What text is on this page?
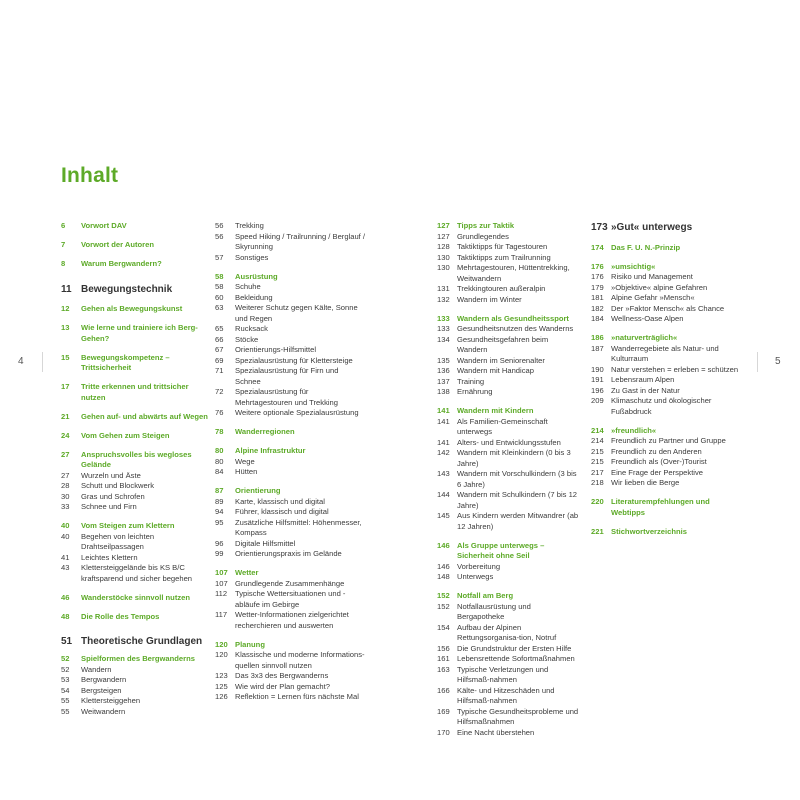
Inhalt
4	5
6	Vorwort DAV
7	Vorwort der Autoren
8	Warum Bergwandern?
11 Bewegungstechnik
12	Gehen als Bewegungskunst
13	Wie lerne und trainiere ich Berg-Gehen?
15	Bewegungskompetenz – Trittsicherheit
17	Tritte erkennen und trittsicher nutzen
21	Gehen auf- und abwärts auf Wegen
24	Vom Gehen zum Steigen
27	Anspruchsvolles bis wegloses Gelände
27	Wurzeln und Äste
28	Schutt und Blockwerk
30	Gras und Schrofen
33	Schnee und Firn
40	Vom Steigen zum Klettern
40	Begehen von leichten Drahtseilpassagen
41	Leichtes Klettern
43	Klettersteiggelände bis KS B/C kraftsparend und sicher begehen
46	Wanderstöcke sinnvoll nutzen
48	Die Rolle des Tempos
51 Theoretische Grundlagen
52	Spielformen des Bergwanderns
52	Wandern
53	Bergwandern
54	Bergsteigen
55	Klettersteiggehen
55	Weitwandern
56	Trekking
56	Speed Hiking / Trailrunning / Berglauf / Skyrunning
57	Sonstiges
58	Ausrüstung
58	Schuhe
60	Bekleidung
63	Weiterer Schutz gegen Kälte, Sonne und Regen
65	Rucksack
66	Stöcke
67	Orientierungs-Hilfsmittel
69	Spezialausrüstung für Klettersteige
71	Spezialausrüstung für Firn und Schnee
72	Spezialausrüstung für Mehrtagestouren und Trekking
76	Weitere optionale Spezialausrüstung
78	Wanderregionen
80	Alpine Infrastruktur
80	Wege
84	Hütten
87	Orientierung
89	Karte, klassisch und digital
94	Führer, klassisch und digital
95	Zusätzliche Hilfsmittel: Höhenmesser, Kompass
96	Digitale Hilfsmittel
99	Orientierungspraxis im Gelände
107 Wetter
107 Grundlegende Zusammenhänge
112	Typische Wettersituationen und -abläufe im Gebirge
117	Wetter-Informationen zielgerichtet recherchieren und auswerten
120 Planung
120 Klassische und moderne Informations-quellen sinnvoll nutzen
123 Das 3x3 des Bergwanderns
125 Wie wird der Plan gemacht?
126 Reflektion = Lernen fürs nächste Mal
127 Tipps zur Taktik
127 Grundlegendes
128 Taktiktipps für Tagestouren
130 Taktiktipps zum Trailrunning
130 Mehrtagestouren, Hüttentrekking, Weitwandern
131 Trekkingtouren außeralpin
132 Wandern im Winter
133 Wandern als Gesundheitssport
133 Gesundheitsnutzen des Wanderns
134 Gesundheitsgefahren beim Wandern
135 Wandern im Seniorenalter
136 Wandern mit Handicap
137 Training
138 Ernährung
141 Wandern mit Kindern
141 Als Familien-Gemeinschaft unterwegs
141 Alters- und Entwicklungsstufen
142 Wandern mit Kleinkindern (0 bis 3 Jahre)
143 Wandern mit Vorschulkindern (3 bis 6 Jahre)
144 Wandern mit Schulkindern (7 bis 12 Jahre)
145 Aus Kindern werden Mitwandrer (ab 12 Jahren)
146 Als Gruppe unterwegs – Sicherheit ohne Seil
146 Vorbereitung
148 Unterwegs
152 Notfall am Berg
152 Notfallausrüstung und Bergapotheke
154 Aufbau der Alpinen Rettungsorganisa-tion, Notruf
156 Die Grundstruktur der Ersten Hilfe
161 Lebensrettende Sofortmaßnahmen
163 Typische Verletzungen und Hilfsmaß-nahmen
166 Kälte- und Hitzeschäden und Hilfsmaß-nahmen
169 Typische Gesundheitsprobleme und Hilfsmaßnahmen
170 Eine Nacht überstehen
173 »Gut« unterwegs
174 Das F. U. N.-Prinzip
176 »umsichtig«
176 Risiko und Management
179 »Objektive« alpine Gefahren
181 Alpine Gefahr »Mensch«
182 Der »Faktor Mensch« als Chance
184 Wellness-Oase Alpen
186 »naturverträglich«
187 Wanderregebiete als Natur- und Kulturraum
190 Natur verstehen = erleben = schützen
191 Lebensraum Alpen
196 Zu Gast in der Natur
209 Klimaschutz und ökologischer Fußabdruck
214 »freundlich«
214 Freundlich zu Partner und Gruppe
215 Freundlich zu den Anderen
215 Freundlich als (Over-)Tourist
217 Eine Frage der Perspektive
218 Wir lieben die Berge
220 Literaturempfehlungen und Webtipps
221 Stichwortverzeichnis
